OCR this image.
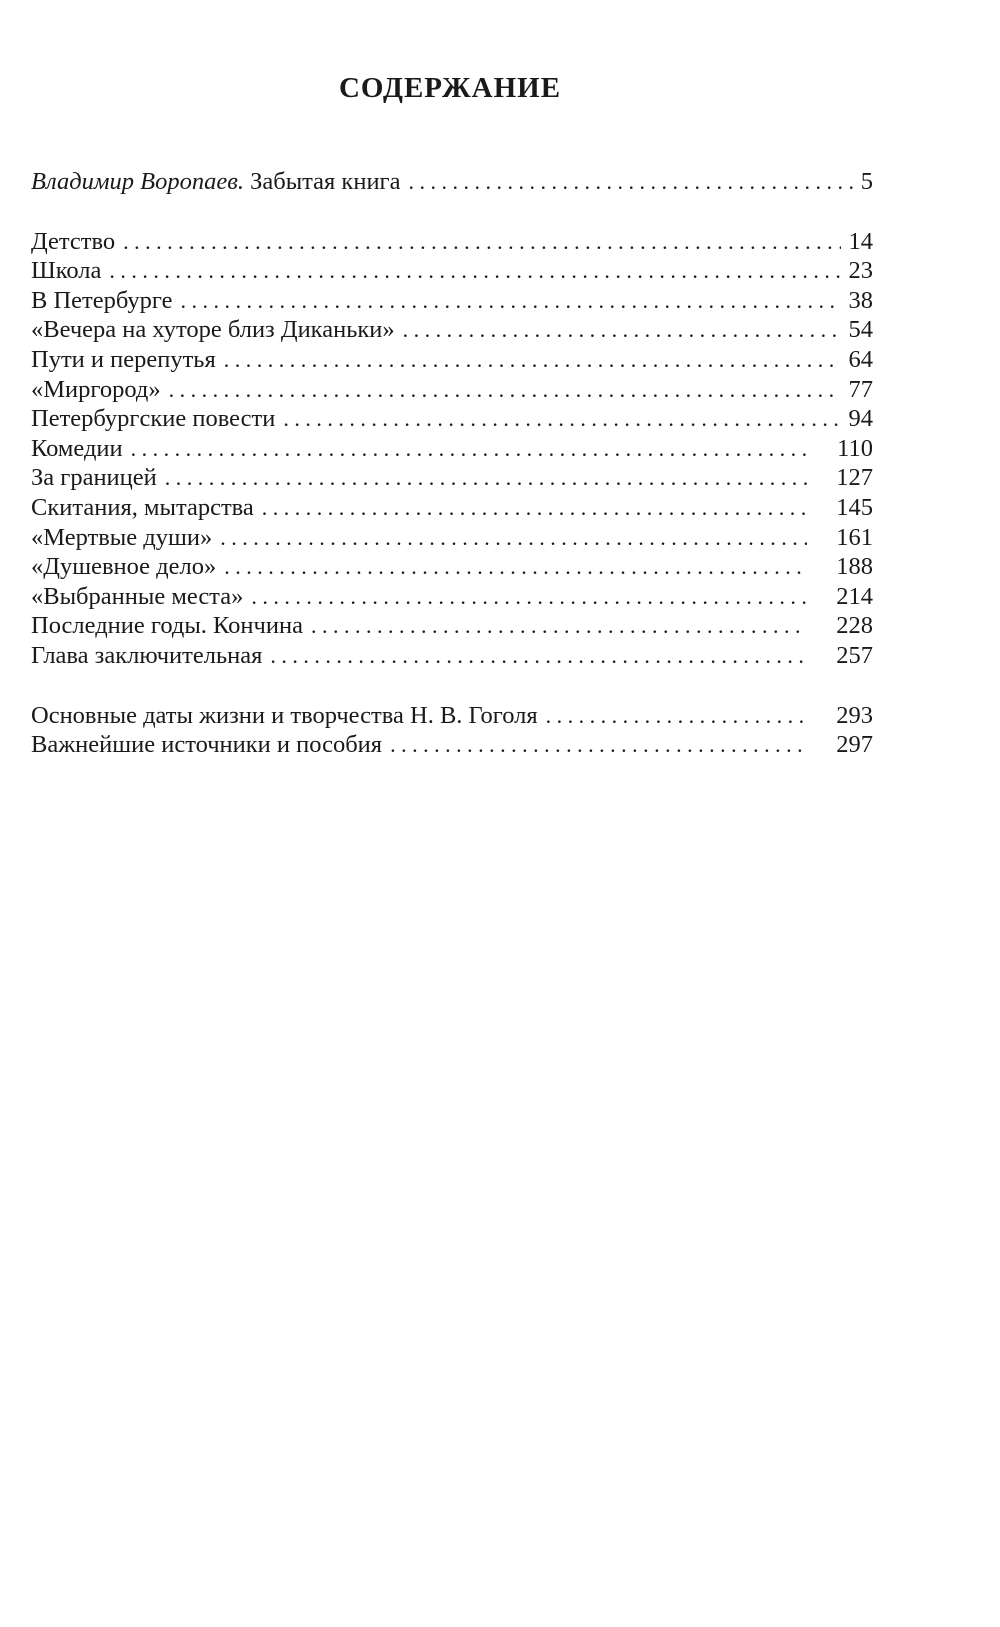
СОДЕРЖАНИЕ
Владимир Воропаев. Забытая книга . . .	5
Детство . . .	14
Школа . . .	23
В Петербурге . . .	38
«Вечера на хуторе близ Диканьки» . . .	54
Пути и перепутья . . .	64
«Миргород» . . .	77
Петербургские повести . . .	94
Комедии . . .	110
За границей . . .	127
Скитания, мытарства . . .	145
«Мертвые души» . . .	161
«Душевное дело» . . .	188
«Выбранные места» . . .	214
Последние годы. Кончина . . .	228
Глава заключительная . . .	257
Основные даты жизни и творчества Н. В. Гоголя . . .	293
Важнейшие источники и пособия . . .	297
